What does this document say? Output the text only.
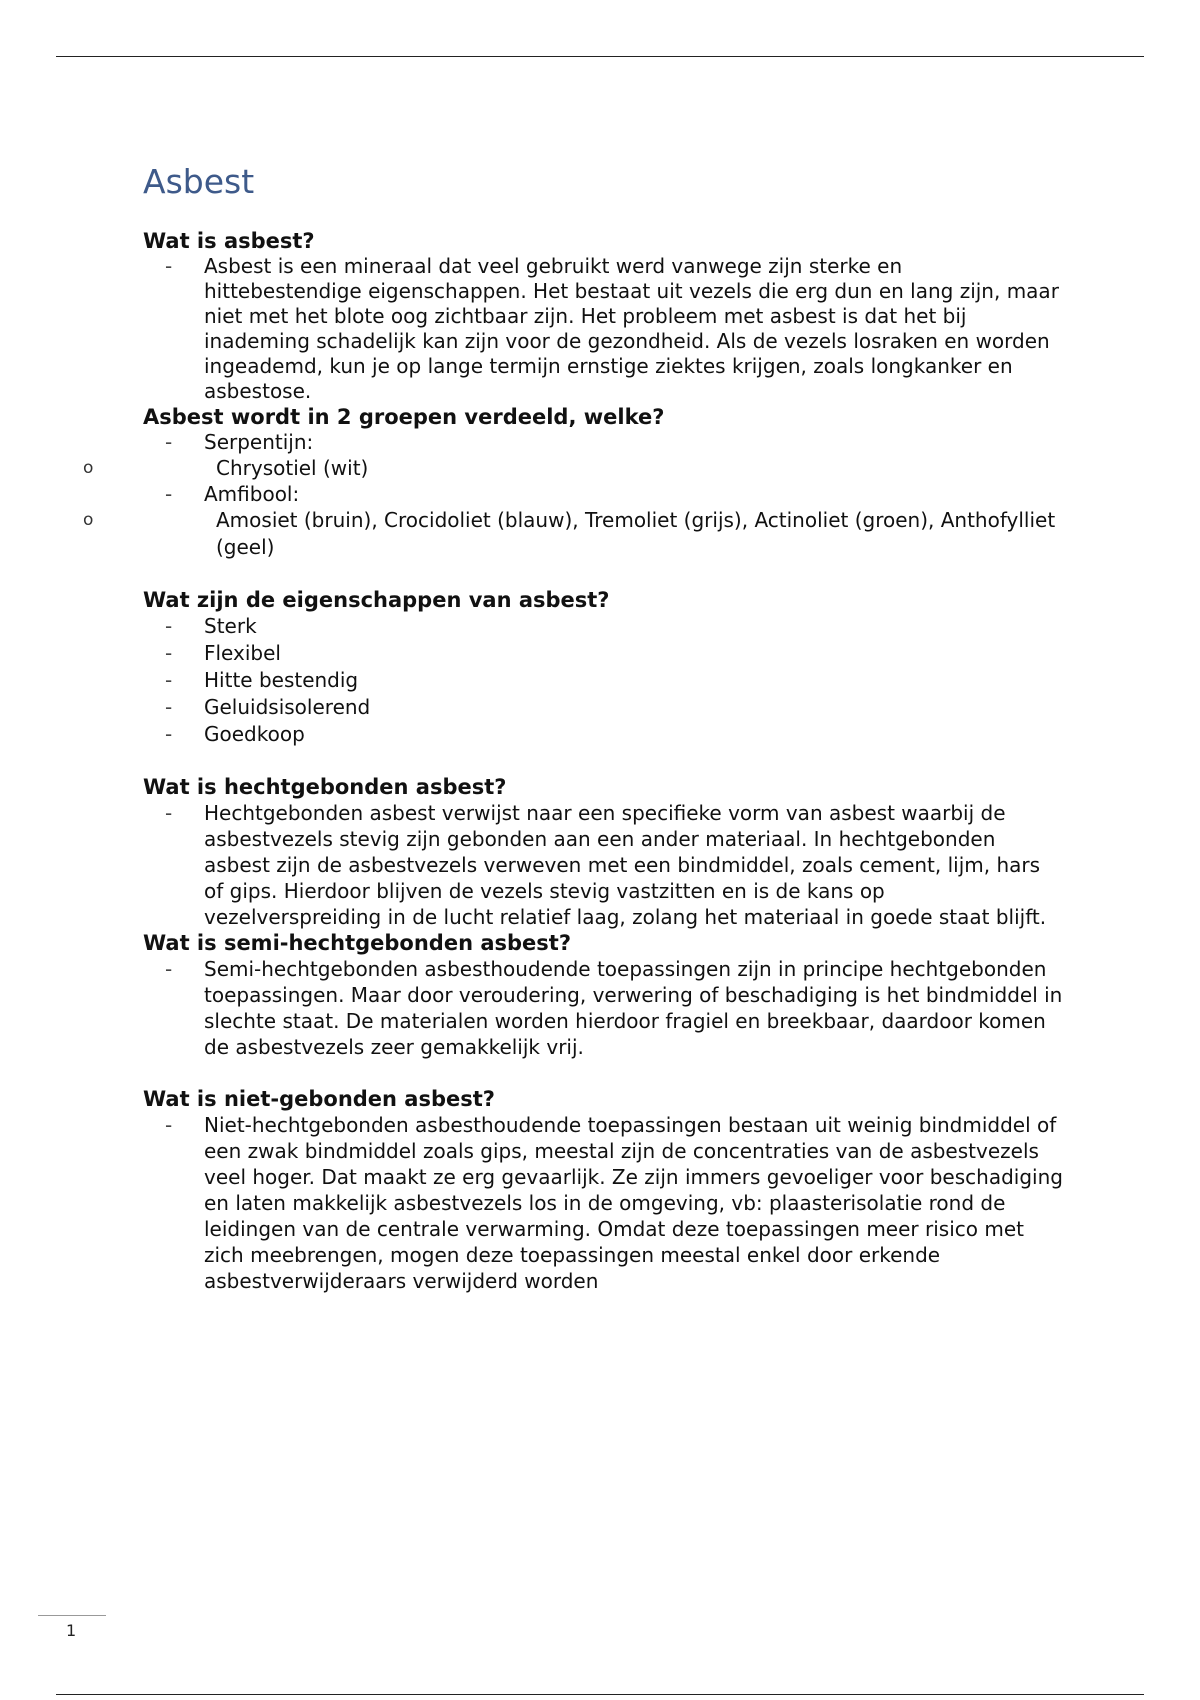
Asbest
Wat is asbest?
- Asbest is een mineraal dat veel gebruikt werd vanwege zijn sterke en hittebestendige eigenschappen. Het bestaat uit vezels die erg dun en lang zijn, maar niet met het blote oog zichtbaar zijn. Het probleem met asbest is dat het bij inademing schadelijk kan zijn voor de gezondheid. Als de vezels losraken en worden ingeademd, kun je op lange termijn ernstige ziektes krijgen, zoals longkanker en asbestose.
Asbest wordt in 2 groepen verdeeld, welke?
- Serpentijn:
o Chrysotiel (wit)
- Amfibool:
o Amosiet (bruin), Crocidoliet (blauw), Tremoliet (grijs), Actinoliet (groen), Anthofylliet (geel)
Wat zijn de eigenschappen van asbest?
- Sterk
- Flexibel
- Hitte bestendig
- Geluidsisolerend
- Goedkoop
Wat is hechtgebonden asbest?
- Hechtgebonden asbest verwijst naar een specifieke vorm van asbest waarbij de asbestvezels stevig zijn gebonden aan een ander materiaal. In hechtgebonden asbest zijn de asbestvezels verweven met een bindmiddel, zoals cement, lijm, hars of gips. Hierdoor blijven de vezels stevig vastzitten en is de kans op vezelverspreiding in de lucht relatief laag, zolang het materiaal in goede staat blijft.
Wat is semi-hechtgebonden asbest?
- Semi-hechtgebonden asbesthoudende toepassingen zijn in principe hechtgebonden toepassingen. Maar door veroudering, verwering of beschadiging is het bindmiddel in slechte staat. De materialen worden hierdoor fragiel en breekbaar, daardoor komen de asbestvezels zeer gemakkelijk vrij.
Wat is niet-gebonden asbest?
- Niet-hechtgebonden asbesthoudende toepassingen bestaan uit weinig bindmiddel of een zwak bindmiddel zoals gips, meestal zijn de concentraties van de asbestvezels veel hoger. Dat maakt ze erg gevaarlijk. Ze zijn immers gevoeliger voor beschadiging en laten makkelijk asbestvezels los in de omgeving, vb: plaasterisolatie rond de leidingen van de centrale verwarming. Omdat deze toepassingen meer risico met zich meebrengen, mogen deze toepassingen meestal enkel door erkende asbestverwijderaars verwijderd worden
1
